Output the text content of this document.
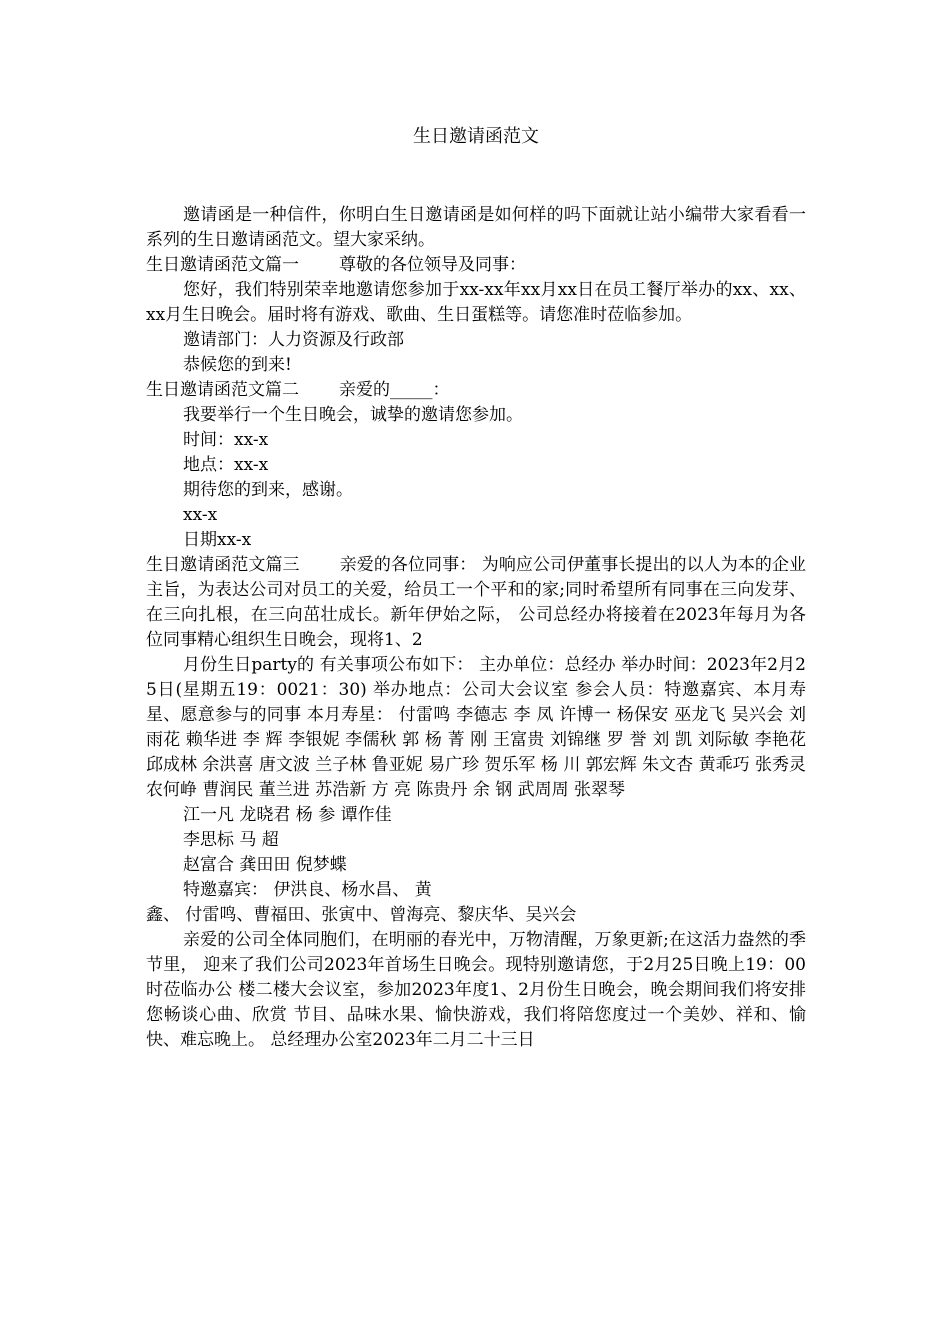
生日邀请函范文

邀请函是一种信件，你明白生日邀请函是如何样的吗下面就让站小编带大家看看一系列的生日邀请函范文。望大家采纳。

生日邀请函范文篇一 尊敬的各位领导及同事：

您好，我们特别荣幸地邀请您参加于xx-xx年xx月xx日在员工餐厅举办的xx、xx、xx月生日晚会。届时将有游戏、歌曲、生日蛋糕等。请您准时莅临参加。

邀请部门：人力资源及行政部

恭候您的到来!

生日邀请函范文篇二 亲爱的_____：

我要举行一个生日晚会，诚挚的邀请您参加。

时间：xx-x

地点：xx-x

期待您的到来，感谢。

xx-x

日期xx-x

生日邀请函范文篇三 亲爱的各位同事： 为响应公司伊董事长提出的以人为本的企业主旨，为表达公司对员工的关爱，给员工一个平和的家;同时希望所有同事在三向发芽、在三向扎根，在三向茁壮成长。新年伊始之际， 公司总经办将接着在2023年每月为各位同事精心组织生日晚会，现将1、2

月份生日party的 有关事项公布如下： 主办单位：总经办 举办时间：2023年2月25日(星期五19：0021：30) 举办地点：公司大会议室 参会人员：特邀嘉宾、本月寿星、愿意参与的同事 本月寿星： 付雷鸣 李德志 李 凤 许博一 杨保安 巫龙飞 吴兴会 刘雨花 赖华进 李 辉 李银妮 李儒秋 郭 杨 菁 刚 王富贵 刘锦继 罗 誉 刘 凯 刘际敏 李艳花 邱成林 余洪喜 唐文波 兰子林 鲁亚妮 易广珍 贺乐军 杨 川 郭宏辉 朱文杏 黄乖巧 张秀灵 农何峥 曹润民 董兰进 苏浩新 方 亮 陈贵丹 余 钢 武周周 张翠琴

江一凡 龙晓君 杨 参 谭作佳

李思标 马 超

赵富合 龚田田 倪梦蝶

特邀嘉宾： 伊洪良、杨水昌、 黄

鑫、 付雷鸣、曹福田、张寅中、曾海亮、黎庆华、吴兴会

亲爱的公司全体同胞们，在明丽的春光中，万物清醒，万象更新;在这活力盎然的季节里， 迎来了我们公司2023年首场生日晚会。现特别邀请您，于2月25日晚上19：00时莅临办公 楼二楼大会议室，参加2023年度1、2月份生日晚会，晚会期间我们将安排您畅谈心曲、欣赏 节目、品味水果、愉快游戏，我们将陪您度过一个美妙、祥和、愉快、难忘晚上。 总经理办公室2023年二月二十三日
